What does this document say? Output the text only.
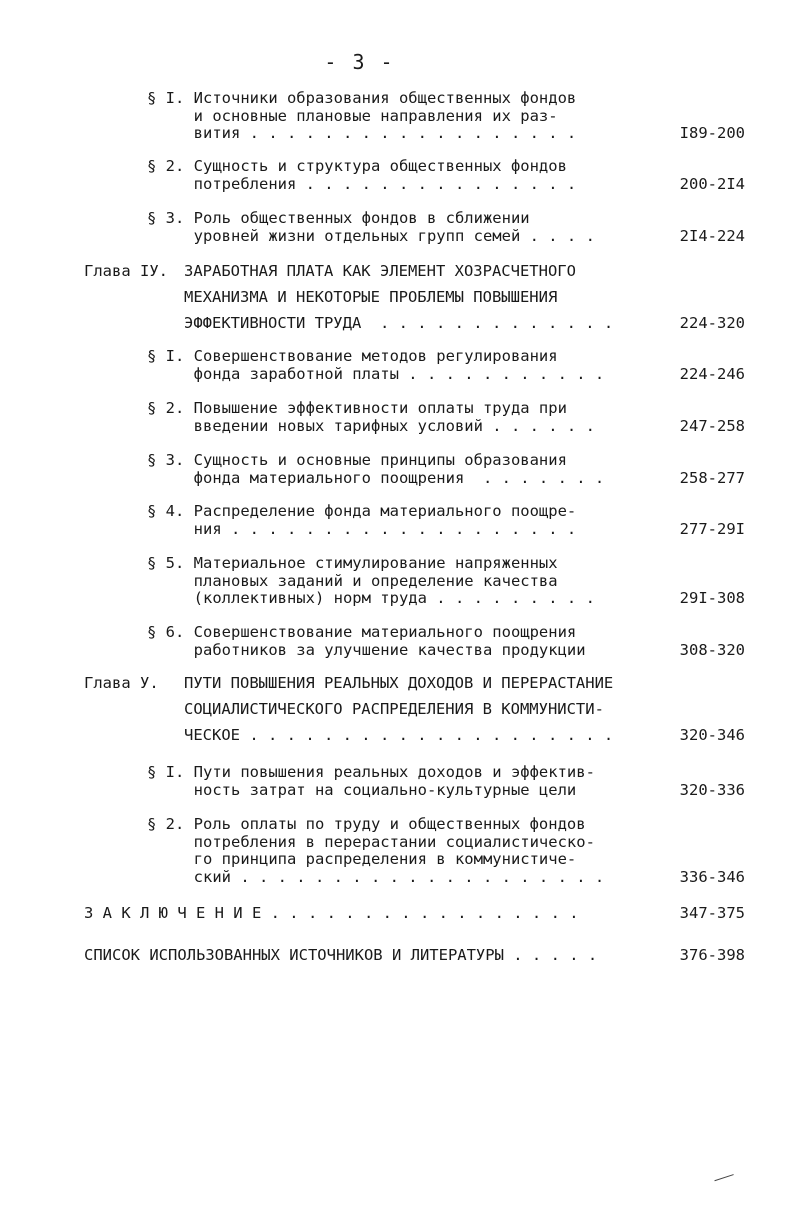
- 3 -
§ I. Источники образования общественных фондов
и основные плановые направления их раз-
вития . . . . . . . . . . . . . . . . . .	I89-200
§ 2. Сущность и структура общественных фондов
потребления . . . . . . . . . . . . . . .	200-2I4
§ 3. Роль общественных фондов в сближении
уровней жизни отдельных групп семей . . . .	2I4-224
Глава IУ. ЗАРАБОТНАЯ ПЛАТА КАК ЭЛЕМЕНТ ХОЗРАСЧЕТНОГО
МЕХАНИЗМА И НЕКОТОРЫЕ ПРОБЛЕМЫ ПОВЫШЕНИЯ
ЭФФЕКТИВНОСТИ ТРУДА  . . . . . . . . . . . . .	224-320
§ I. Совершенствование методов регулирования
фонда заработной платы . . . . . . . . . . .	224-246
§ 2. Повышение эффективности оплаты труда при
введении новых тарифных условий . . . . . .	247-258
§ 3. Сущность и основные принципы образования
фонда материального поощрения  . . . . . . .	258-277
§ 4. Распределение фонда материального поощре-
ния . . . . . . . . . . . . . . . . . . .	277-29I
§ 5. Материальное стимулирование напряженных
плановых заданий и определение качества
(коллективных) норм труда . . . . . . . . .	29I-308
§ 6. Совершенствование материального поощрения
работников за улучшение качества продукции	308-320
Глава У. ПУТИ ПОВЫШЕНИЯ РЕАЛЬНЫХ ДОХОДОВ И ПЕРЕРАСТАНИЕ
СОЦИАЛИСТИЧЕСКОГО РАСПРЕДЕЛЕНИЯ В КОММУНИСТИ-
ЧЕСКОЕ . . . . . . . . . . . . . . . . . . . .	320-346
§ I. Пути повышения реальных доходов и эффектив-
ность затрат на социально-культурные цели	320-336
§ 2. Роль оплаты по труду и общественных фондов
потребления в перерастании социалистическо-
го принципа распределения в коммунистиче-
ский . . . . . . . . . . . . . . . . . . . .	336-346
З А К Л Ю Ч Е Н И Е . . . . . . . . . . . . . . . . .	347-375
СПИСОК ИСПОЛЬЗОВАННЫХ ИСТОЧНИКОВ И ЛИТЕРАТУРЫ . . . . .	376-398
